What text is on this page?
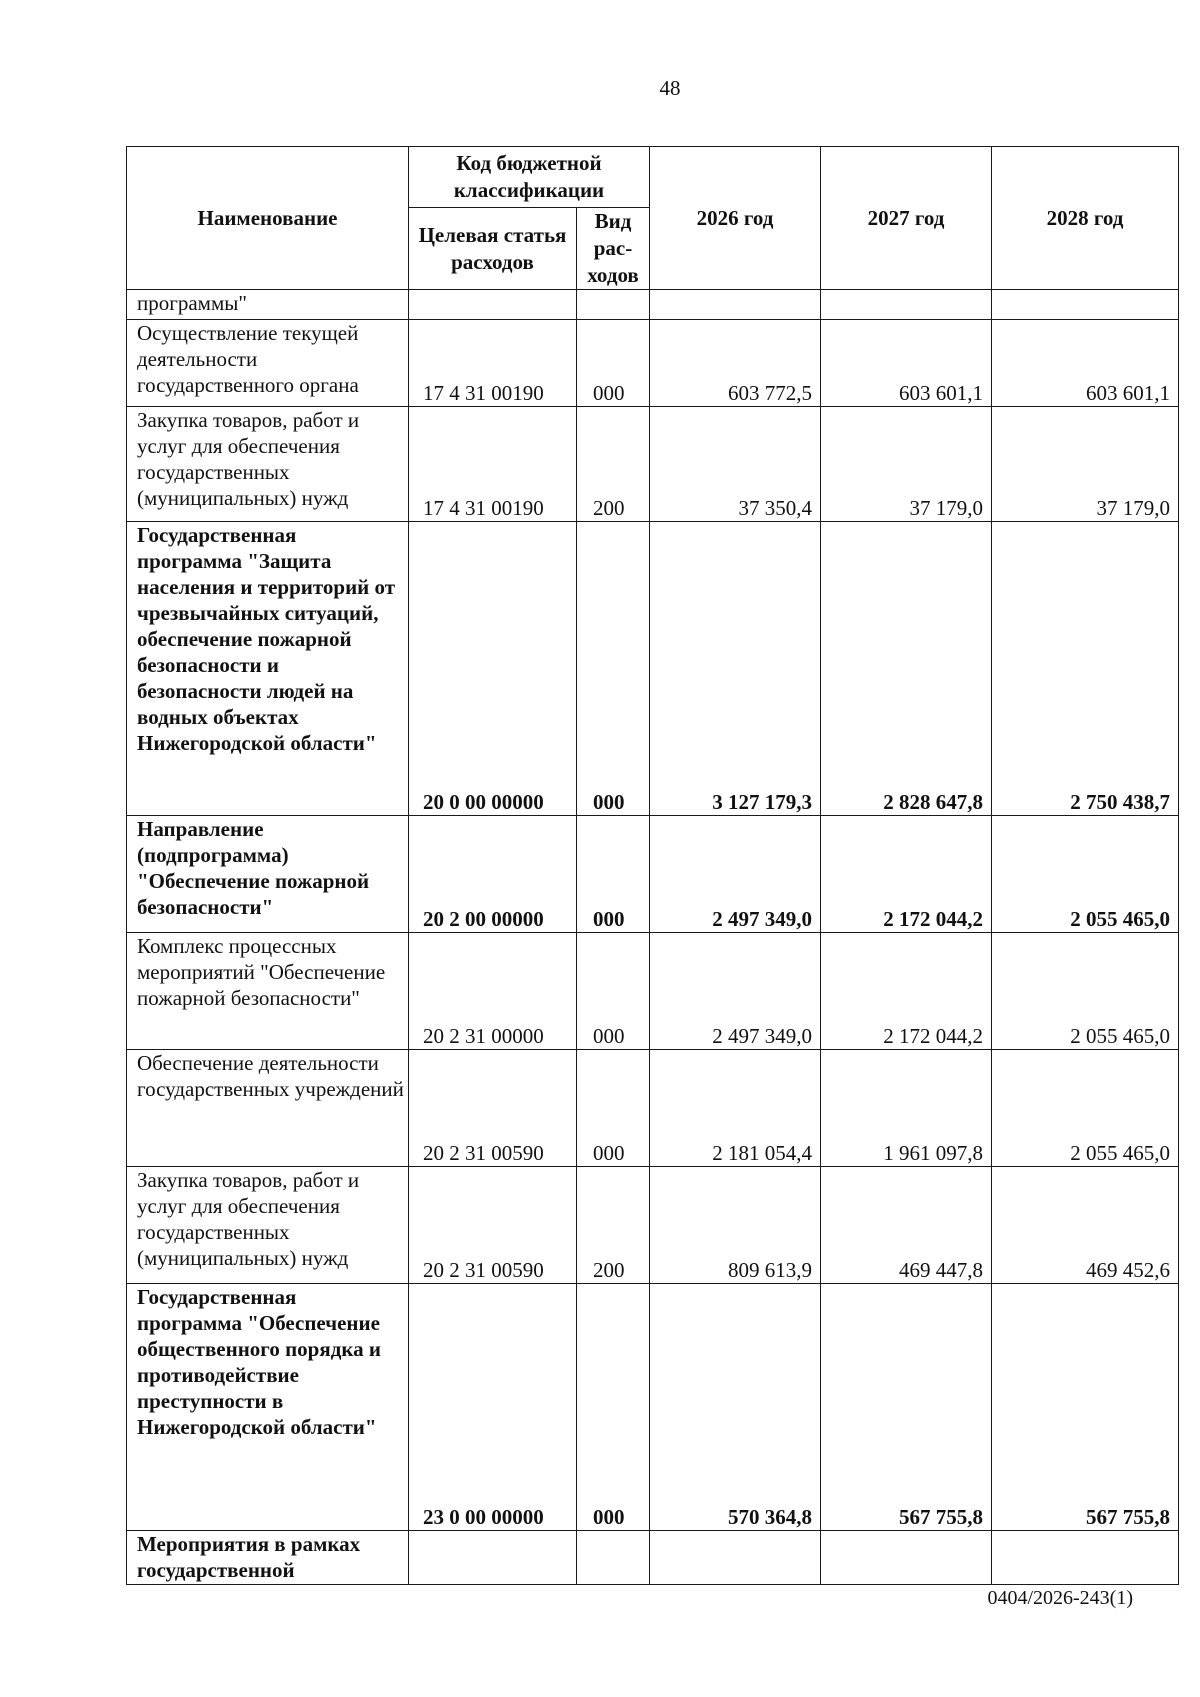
48
Наименование	Код бюджетной классификации		2026 год	2027 год	2028 год
	Целевая статья расходов	Вид рас-ходов			
программы"					
Осуществление текущей деятельности государственного органа	17 4 31 00190	000	603 772,5	603 601,1	603 601,1
Закупка товаров, работ и услуг для обеспечения государственных (муниципальных) нужд	17 4 31 00190	200	37 350,4	37 179,0	37 179,0
Государственная программа "Защита населения и территорий от чрезвычайных ситуаций, обеспечение пожарной безопасности и безопасности людей на водных объектах Нижегородской области"	20 0 00 00000	000	3 127 179,3	2 828 647,8	2 750 438,7
Направление (подпрограмма) "Обеспечение пожарной безопасности"	20 2 00 00000	000	2 497 349,0	2 172 044,2	2 055 465,0
Комплекс процессных мероприятий "Обеспечение пожарной безопасности"	20 2 31 00000	000	2 497 349,0	2 172 044,2	2 055 465,0
Обеспечение деятельности государственных учреждений	20 2 31 00590	000	2 181 054,4	1 961 097,8	2 055 465,0
Закупка товаров, работ и услуг для обеспечения государственных (муниципальных) нужд	20 2 31 00590	200	809 613,9	469 447,8	469 452,6
Государственная программа "Обеспечение общественного порядка и противодействие преступности в Нижегородской области"	23 0 00 00000	000	570 364,8	567 755,8	567 755,8
Мероприятия в рамках государственной					
0404/2026-243(1)
